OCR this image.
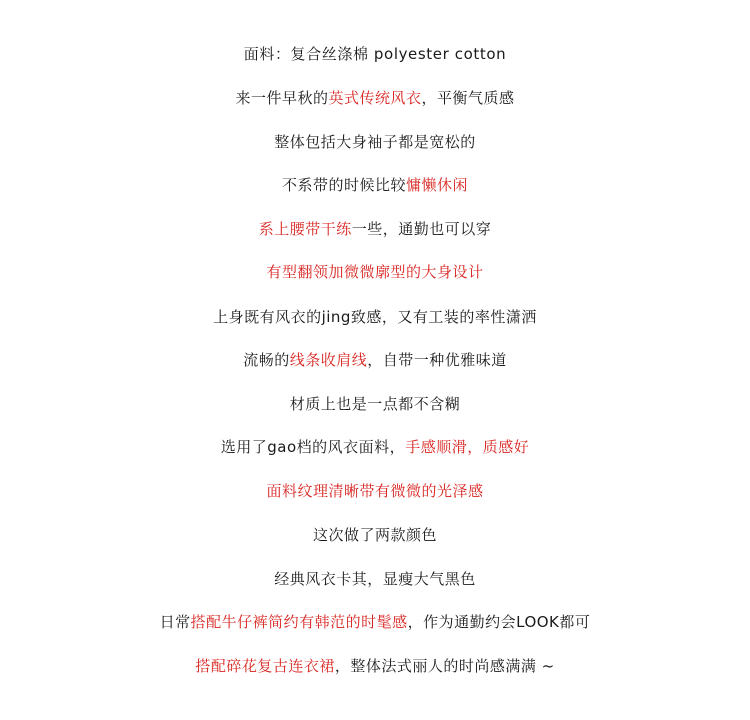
面料：复合丝涤棉 polyester cotton
来一件早秋的英式传统风衣，平衡气质感
整体包括大身袖子都是宽松的
不系带的时候比较慵懒休闲
系上腰带干练一些，通勤也可以穿
有型翻领加微微廓型的大身设计
上身既有风衣的jing致感，又有工装的率性潇洒
流畅的线条收肩线，自带一种优雅味道
材质上也是一点都不含糊
选用了gao档的风衣面料，手感顺滑，质感好
面料纹理清晰带有微微的光泽感
这次做了两款颜色
经典风衣卡其，显瘦大气黑色
日常搭配牛仔裤简约有韩范的时髦感，作为通勤约会LOOK都可
搭配碎花复古连衣裙，整体法式丽人的时尚感满满 ~
